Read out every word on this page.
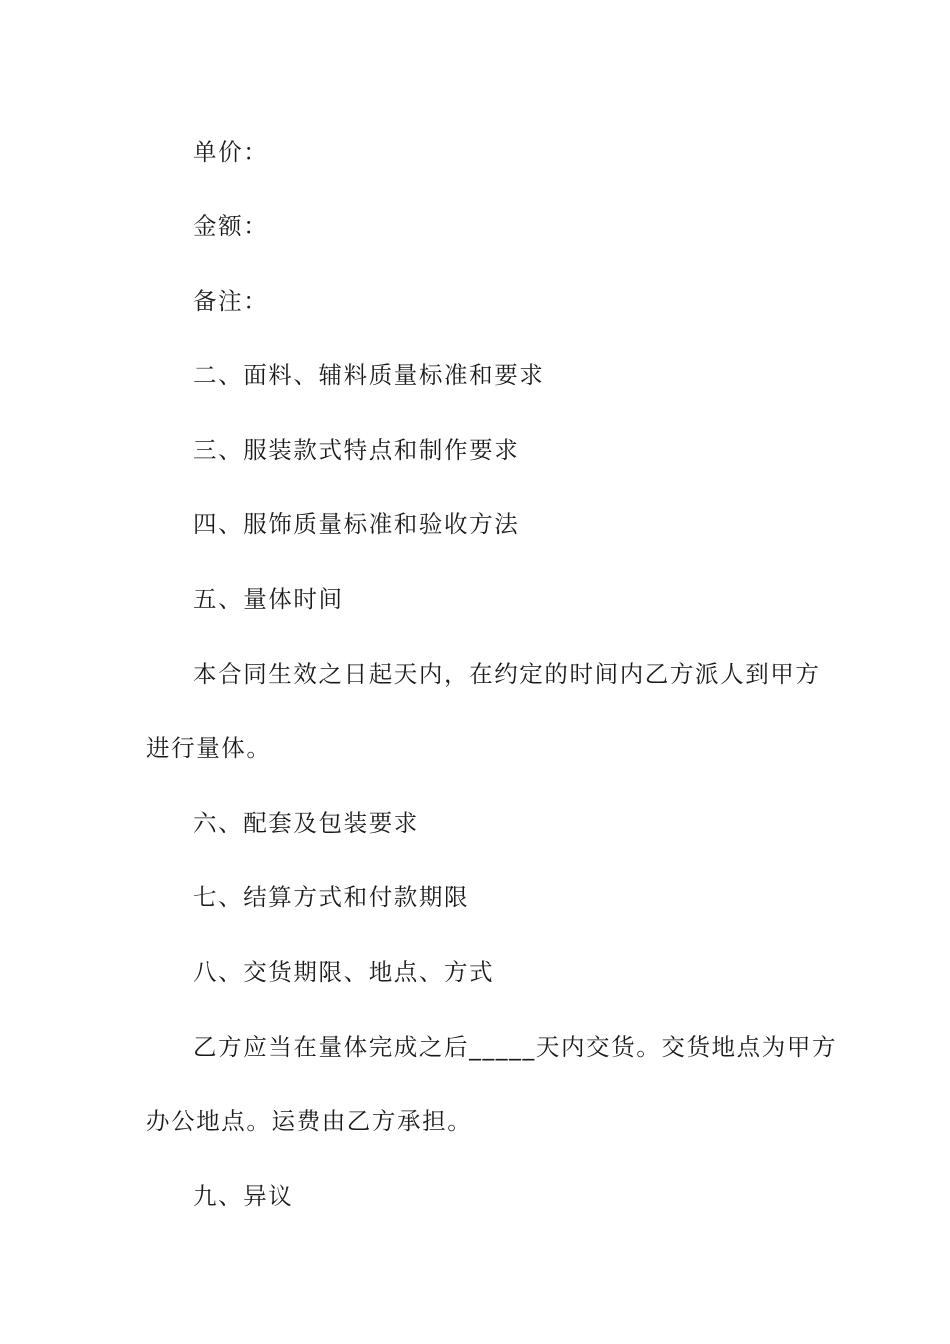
单价：
金额：
备注：
二、面料、辅料质量标准和要求
三、服装款式特点和制作要求
四、服饰质量标准和验收方法
五、量体时间
本合同生效之日起天内，在约定的时间内乙方派人到甲方
进行量体。
六、配套及包装要求
七、结算方式和付款期限
八、交货期限、地点、方式
乙方应当在量体完成之后_____天内交货。交货地点为甲方
办公地点。运费由乙方承担。
九、异议
